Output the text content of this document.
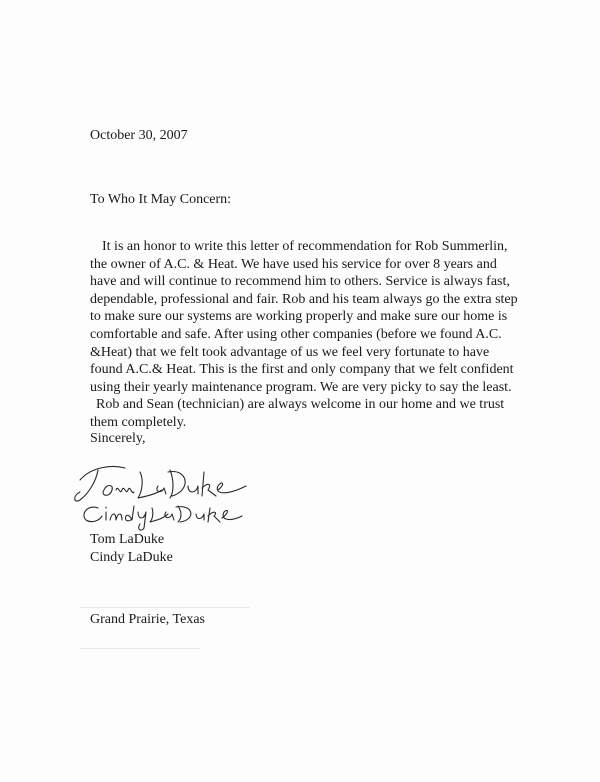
October 30, 2007
To Who It May Concern:
It is an honor to write this letter of recommendation for Rob Summerlin,
the owner of A.C. & Heat. We have used his service for over 8 years and
have and will continue to recommend him to others. Service is always fast,
dependable, professional and fair. Rob and his team always go the extra step
to make sure our systems are working properly and make sure our home is
comfortable and safe. After using other companies (before we found A.C.
&Heat) that we felt took advantage of us we feel very fortunate to have
found A.C.& Heat. This is the first and only company that we felt confident
using their yearly maintenance program. We are very picky to say the least.
Rob and Sean (technician) are always welcome in our home and we trust
them completely.
Sincerely,
Tom LaDuke
Cindy LaDuke
Grand Prairie, Texas
